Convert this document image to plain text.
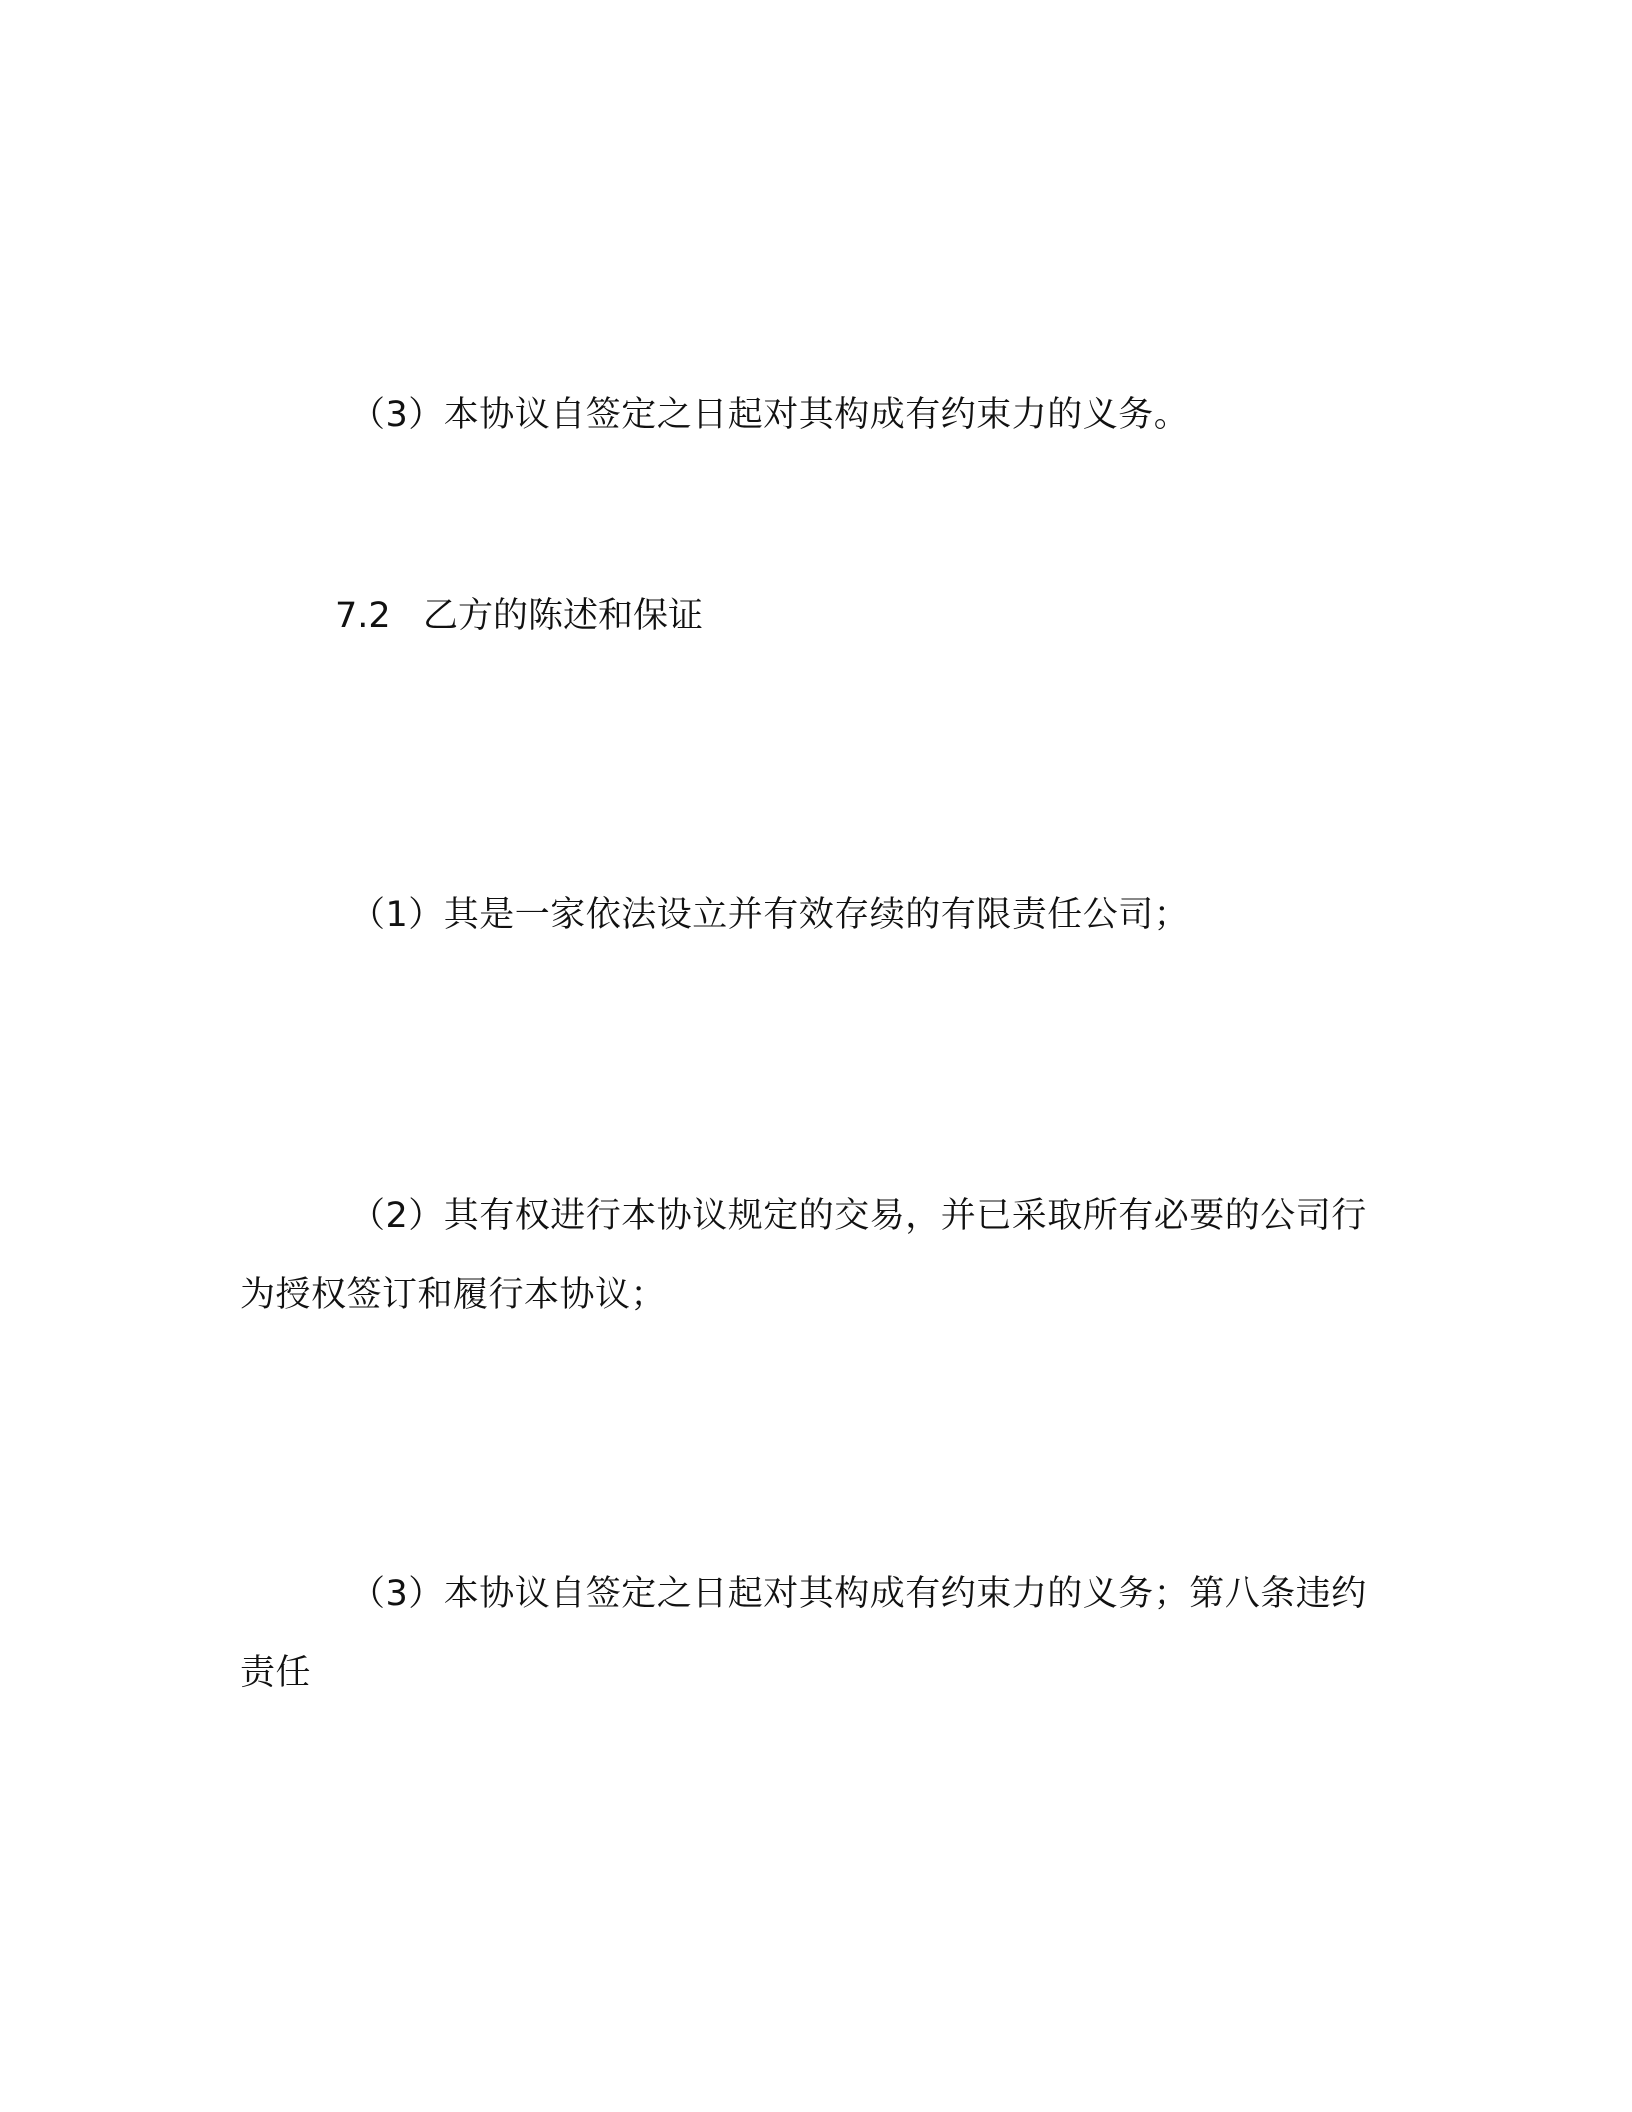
（3）本协议自签定之日起对其构成有约束力的义务。

7.2 乙方的陈述和保证

（1）其是一家依法设立并有效存续的有限责任公司；

（2）其有权进行本协议规定的交易，并已采取所有必要的公司行为授权签订和履行本协议；

（3）本协议自签定之日起对其构成有约束力的义务；第八条违约责任
